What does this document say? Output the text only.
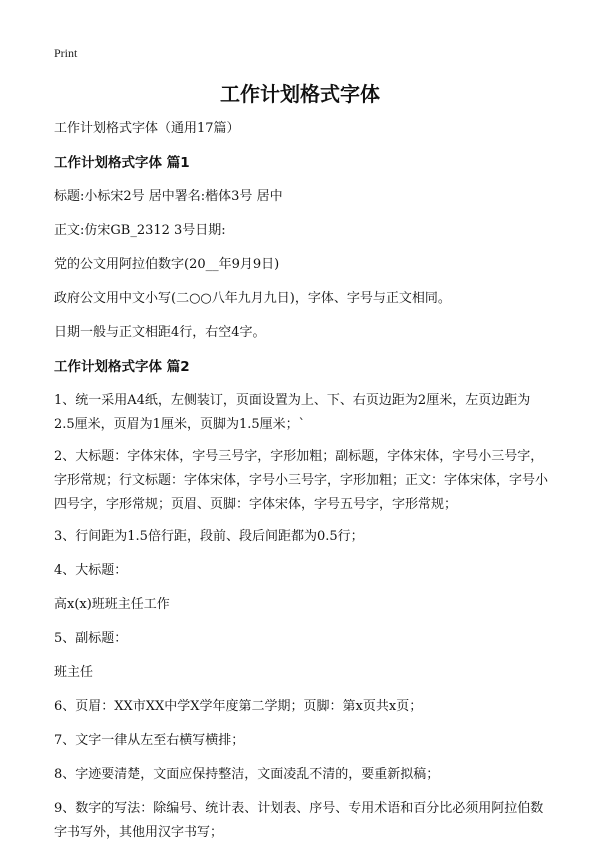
Print
工作计划格式字体

工作计划格式字体（通用17篇）

工作计划格式字体 篇1

标题:小标宋2号 居中署名:楷体3号 居中

正文:仿宋GB_2312 3号日期:

党的公文用阿拉伯数字(20__年9月9日)

政府公文用中文小写(二○○八年九月九日)，字体、字号与正文相同。

日期一般与正文相距4行，右空4字。

工作计划格式字体 篇2

1、统一采用A4纸，左侧装订，页面设置为上、下、右页边距为2厘米，左页边距为2.5厘米，页眉为1厘米，页脚为1.5厘米；`

2、大标题：字体宋体，字号三号字，字形加粗；副标题，字体宋体，字号小三号字，字形常规；行文标题：字体宋体，字号小三号字，字形加粗；正文：字体宋体，字号小四号字，字形常规；页眉、页脚：字体宋体，字号五号字，字形常规；

3、行间距为1.5倍行距，段前、段后间距都为0.5行；

4、大标题：

高x(x)班班主任工作

5、副标题：

班主任

6、页眉：XX市XX中学X学年度第二学期；页脚：第x页共x页；

7、文字一律从左至右横写横排；

8、字迹要清楚，文面应保持整洁，文面凌乱不清的，要重新拟稿；

9、数字的写法：除编号、统计表、计划表、序号、专用术语和百分比必须用阿拉伯数字书写外，其他用汉字书写；
